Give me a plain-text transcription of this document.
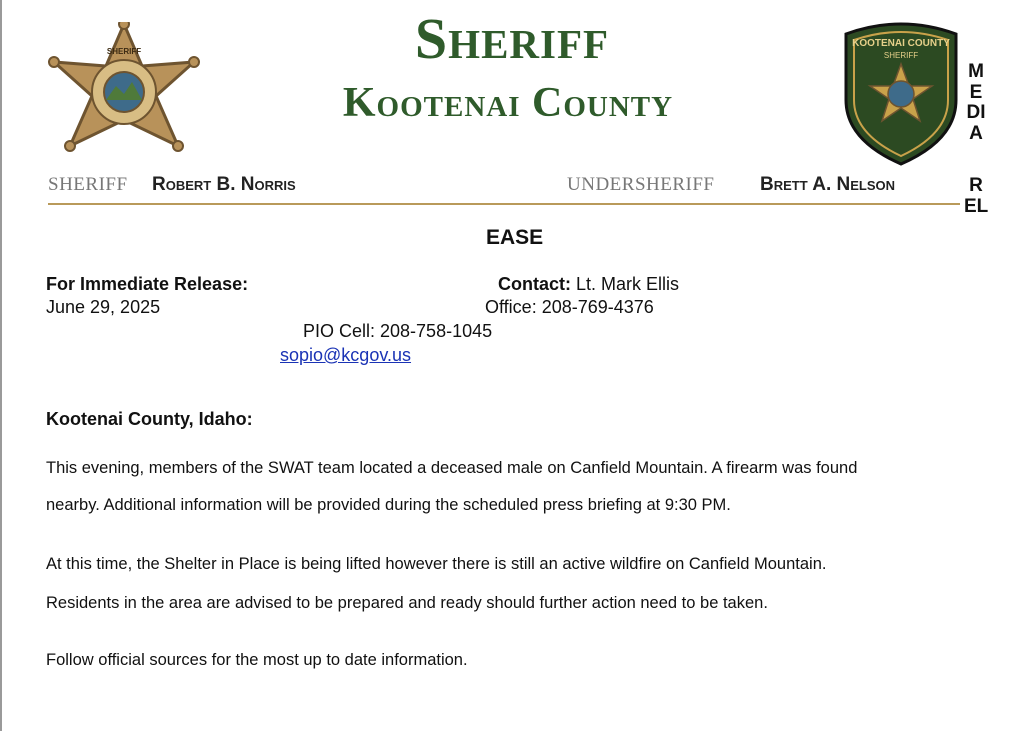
SHERIFF
KOOTENAI COUNTY
SHERIFF
Sheriff
Kootenai County
SHERIFF Robert B. Norris	UNDERSHERIFF Brett A. Nelson
M
E
DI
A
R
EL
EASE
For Immediate Release:
June 29, 2025
Contact: Lt. Mark Ellis
Office: 208-769-4376
PIO Cell: 208-758-1045
sopio@kcgov.us
Kootenai County, Idaho:
This evening, members of the SWAT team located a deceased male on Canfield Mountain. A firearm was found
nearby. Additional information will be provided during the scheduled press briefing at 9:30 PM.
At this time, the Shelter in Place is being lifted however there is still an active wildfire on Canfield Mountain.
Residents in the area are advised to be prepared and ready should further action need to be taken.
Follow official sources for the most up to date information.
